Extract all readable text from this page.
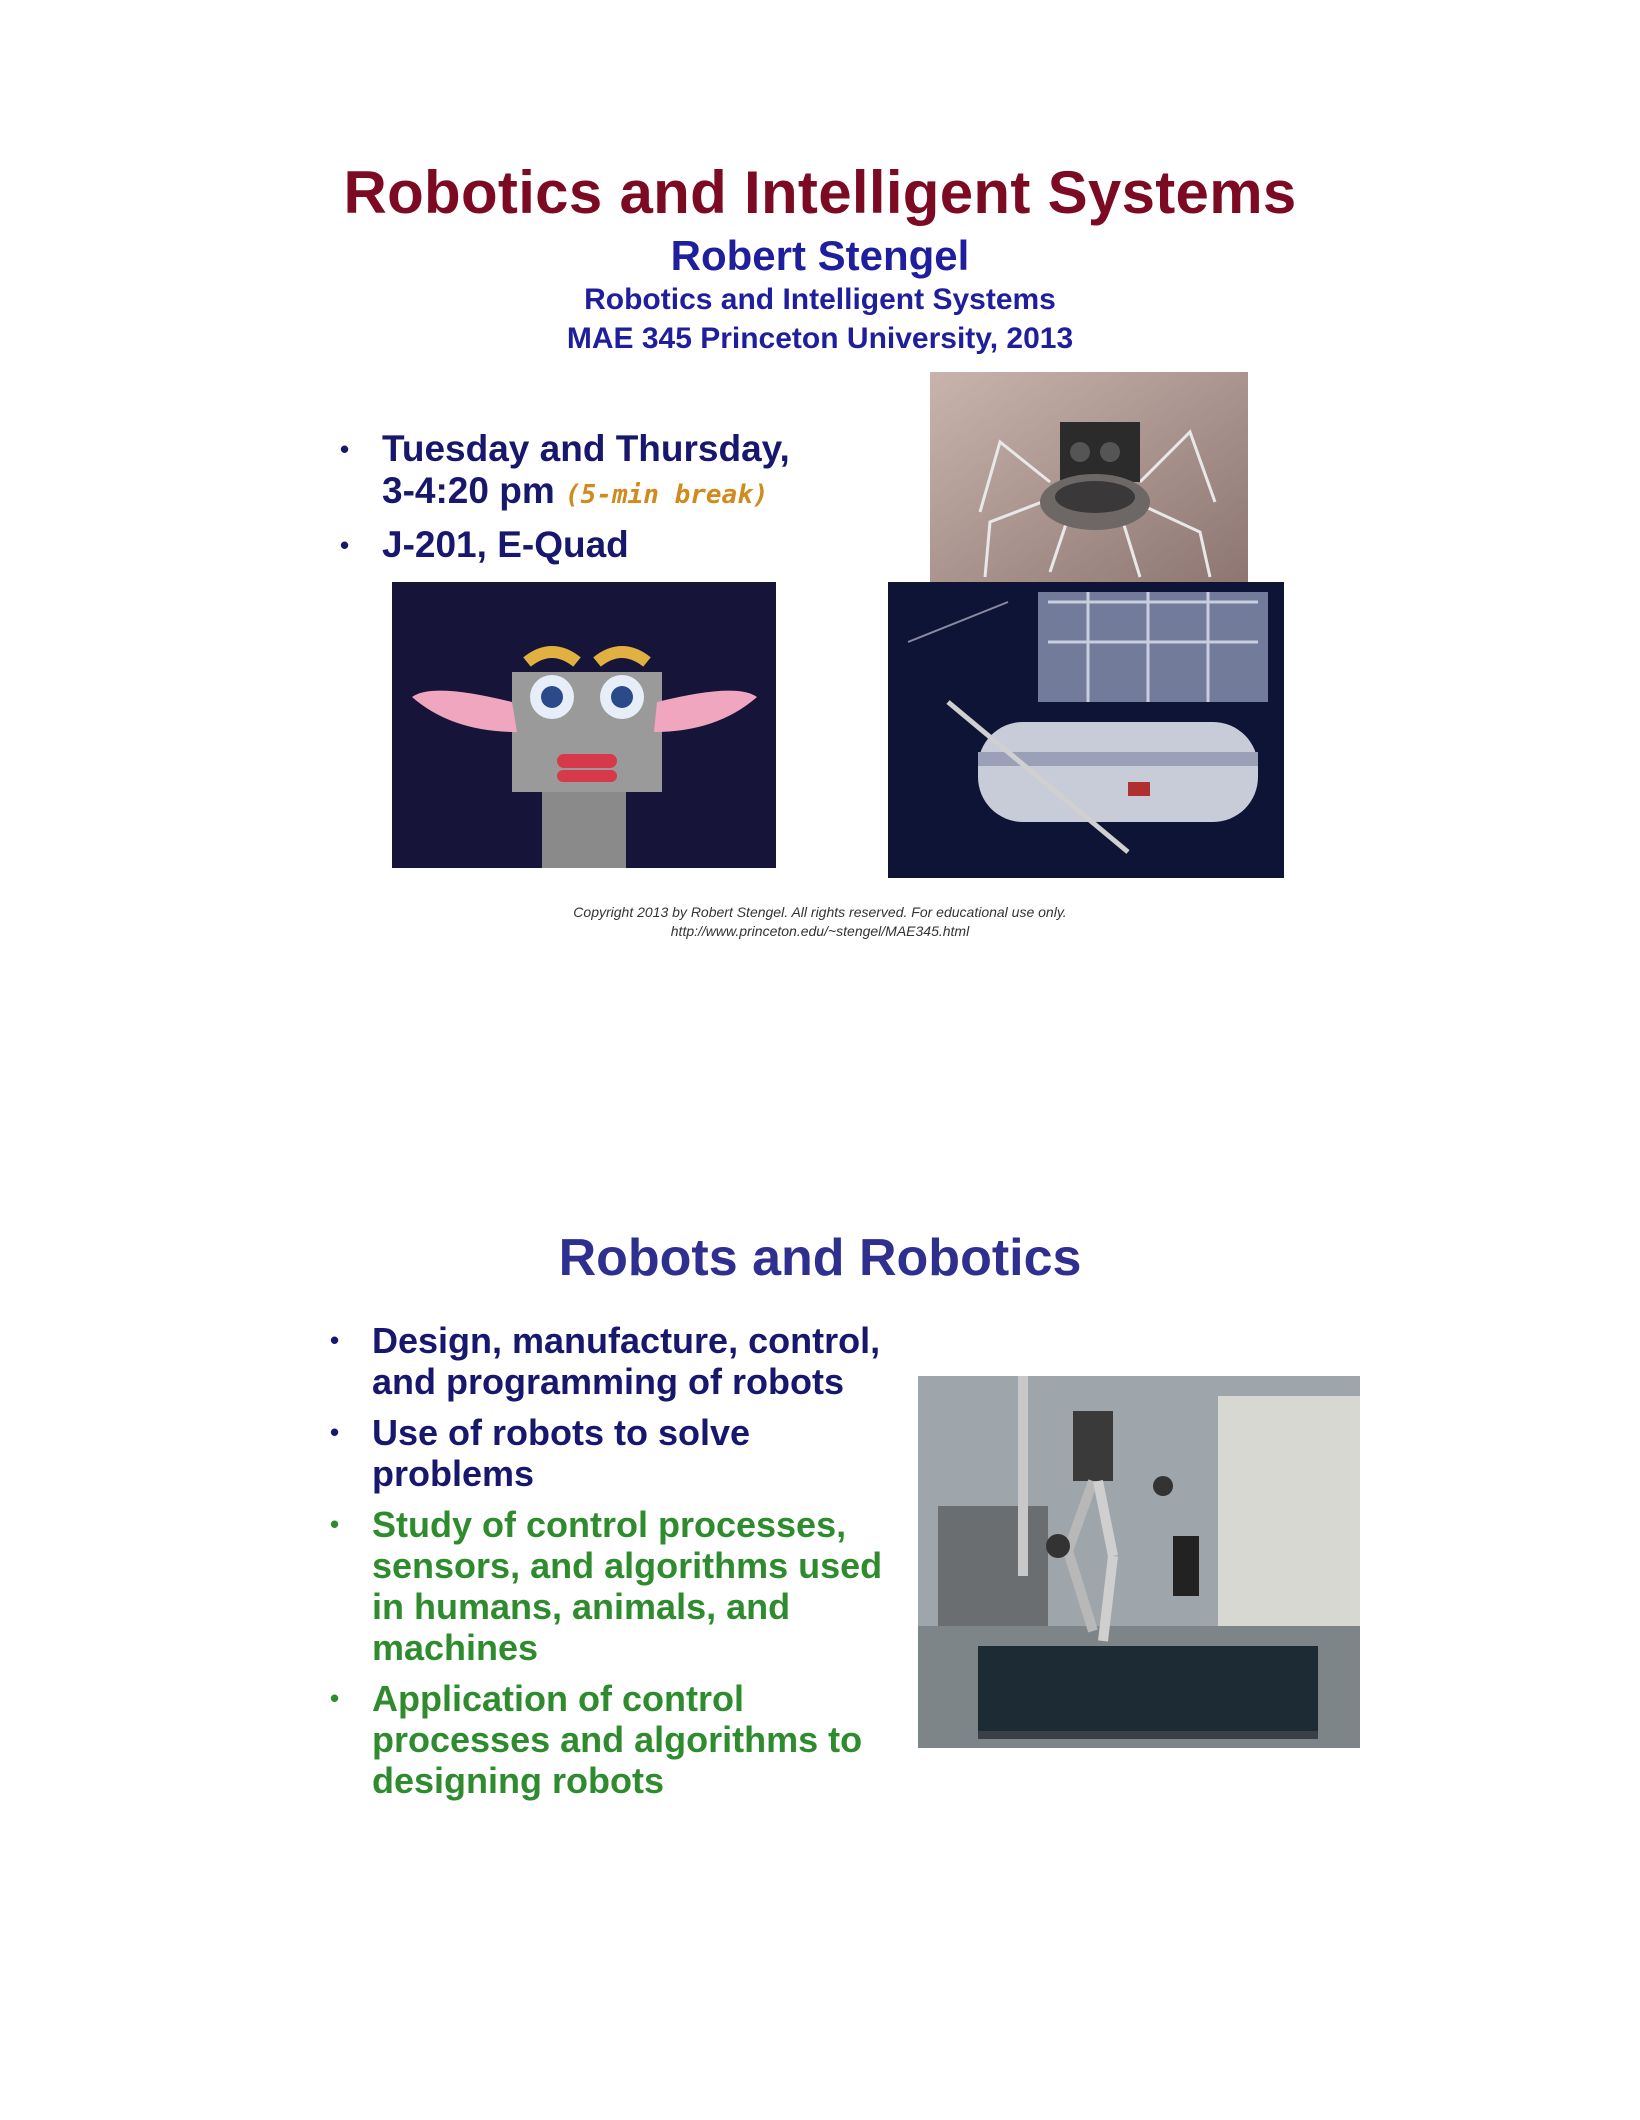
Robotics and Intelligent Systems
Robert Stengel
Robotics and Intelligent Systems
MAE 345 Princeton University, 2013
• Tuesday and Thursday,
3-4:20 pm (5-min break)
• J-201, E-Quad
Copyright 2013 by Robert Stengel. All rights reserved. For educational use only.
http://www.princeton.edu/~stengel/MAE345.html
Robots and Robotics
• Design, manufacture, control, and programming of robots
• Use of robots to solve problems
• Study of control processes, sensors, and algorithms used in humans, animals, and machines
• Application of control processes and algorithms to designing robots
